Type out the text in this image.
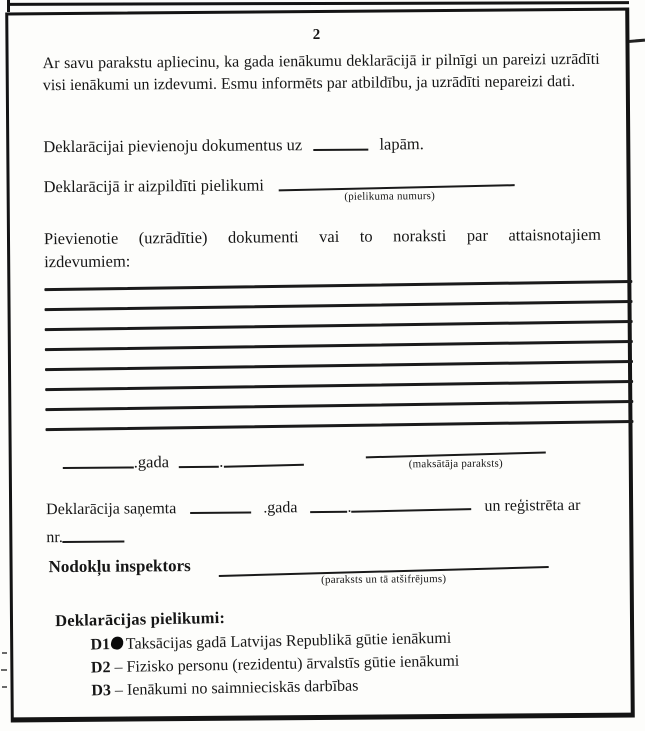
2
Ar savu parakstu apliecinu, ka gada ienākumu deklarācijā ir pilnīgi un pareizi uzrādīti visi ienākumi un izdevumi. Esmu informēts par atbildību, ja uzrādīti nepareizi dati.
Deklarācijai pievienoju dokumentus uz	lapām.
Deklarācijā ir aizpildīti pielikumi
(pielikuma numurs)
Pievienotie (uzrādītie) dokumenti vai to noraksti par attaisnotajiem
izdevumiem:
.gada	.	(maksātāja paraksts)
Deklarācija saņemta	.gada	.	un reģistrēta ar
nr.
Nodokļu inspektors
(paraksts un tā atšifrējums)
Deklarācijas pielikumi:
D1 Taksācijas gadā Latvijas Republikā gūtie ienākumi
D2 – Fizisko personu (rezidentu) ārvalstīs gūtie ienākumi
D3 – Ienākumi no saimnieciskās darbības
